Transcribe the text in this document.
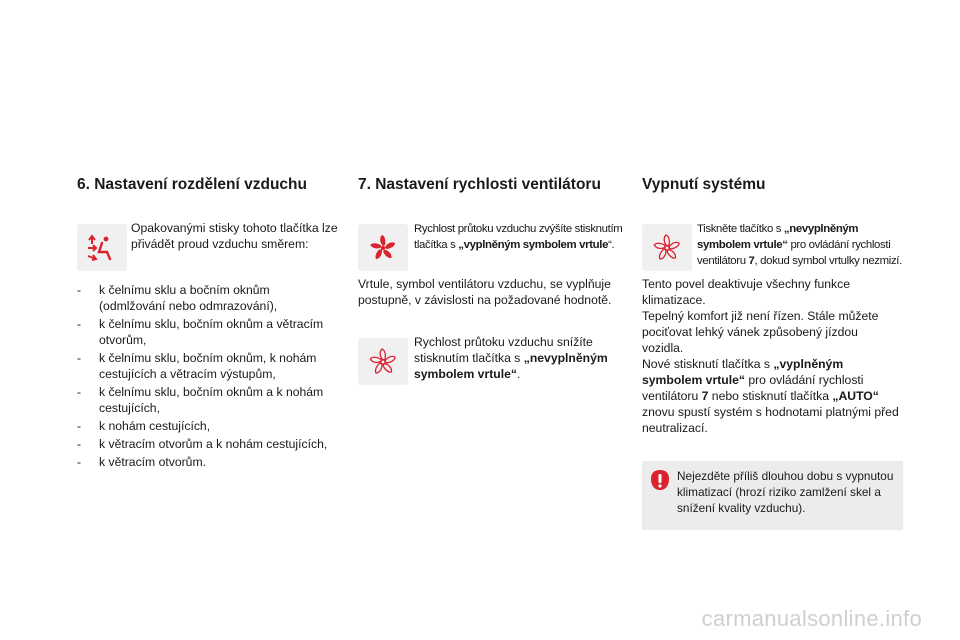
6. Nastavení rozdělení vzduchu
Opakovanými stisky tohoto tlačítka lze přivádět proud vzduchu směrem:
- k čelnímu sklu a bočním oknům (odmlžování nebo odmrazování),
- k čelnímu sklu, bočním oknům a větracím otvorům,
- k čelnímu sklu, bočním oknům, k nohám cestujících a větracím výstupům,
- k čelnímu sklu, bočním oknům a k nohám cestujících,
- k nohám cestujících,
- k větracím otvorům a k nohám cestujících,
- k větracím otvorům.
7. Nastavení rychlosti ventilátoru
Rychlost průtoku vzduchu zvýšíte stisknutím tlačítka s „vyplněným symbolem vrtule“.
Vrtule, symbol ventilátoru vzduchu, se vyplňuje postupně, v závislosti na požadované hodnotě.
Rychlost průtoku vzduchu snížíte stisknutím tlačítka s „nevyplněným symbolem vrtule“.
Vypnutí systému
Tiskněte tlačítko s „nevyplněným symbolem vrtule“ pro ovládání rychlosti ventilátoru 7, dokud symbol vrtulky nezmizí.
Tento povel deaktivuje všechny funkce klimatizace.
Tepelný komfort již není řízen. Stále můžete pociťovat lehký vánek způsobený jízdou vozidla.
Nové stisknutí tlačítka s „vyplněným symbolem vrtule“ pro ovládání rychlosti ventilátoru 7 nebo stisknutí tlačítka „AUTO“ znovu spustí systém s hodnotami platnými před neutralizací.
Nejezděte příliš dlouhou dobu s vypnutou klimatizací (hrozí riziko zamlžení skel a snížení kvality vzduchu).
carmanualsonline.info
